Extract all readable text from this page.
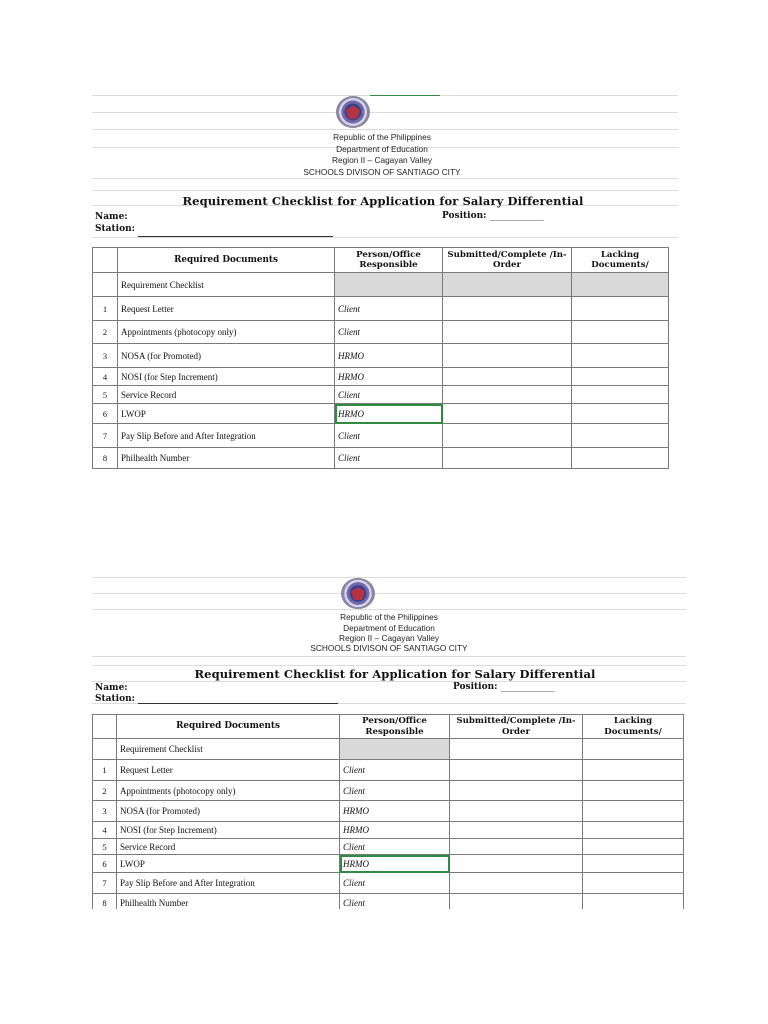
Republic of the Philippines
Department of Education
Region II – Cagayan Valley
SCHOOLS DIVISON OF SANTIAGO CITY
Requirement Checklist for Application for Salary Differential
Name:
Station:
Position: ____________
	Required Documents	Person/Office Responsible	Submitted/Complete /In-Order	Lacking Documents/
	Requirement Checklist			
1	Request Letter	Client		
2	Appointments (photocopy only)	Client		
3	NOSA (for Promoted)	HRMO		
4	NOSI (for Step Increment)	HRMO		
5	Service Record	Client		
6	LWOP	HRMO		
7	Pay Slip Before and After Integration	Client		
8	Philhealth Number	Client		
Republic of the Philippines
Department of Education
Region II – Cagayan Valley
SCHOOLS DIVISON OF SANTIAGO CITY
Requirement Checklist for Application for Salary Differential
Name:
Station:
Position: ____________
	Required Documents	Person/Office Responsible	Submitted/Complete /In-Order	Lacking Documents/
	Requirement Checklist			
1	Request Letter	Client		
2	Appointments (photocopy only)	Client		
3	NOSA (for Promoted)	HRMO		
4	NOSI (for Step Increment)	HRMO		
5	Service Record	Client		
6	LWOP	HRMO		
7	Pay Slip Before and After Integration	Client		
8	Philhealth Number	Client		
